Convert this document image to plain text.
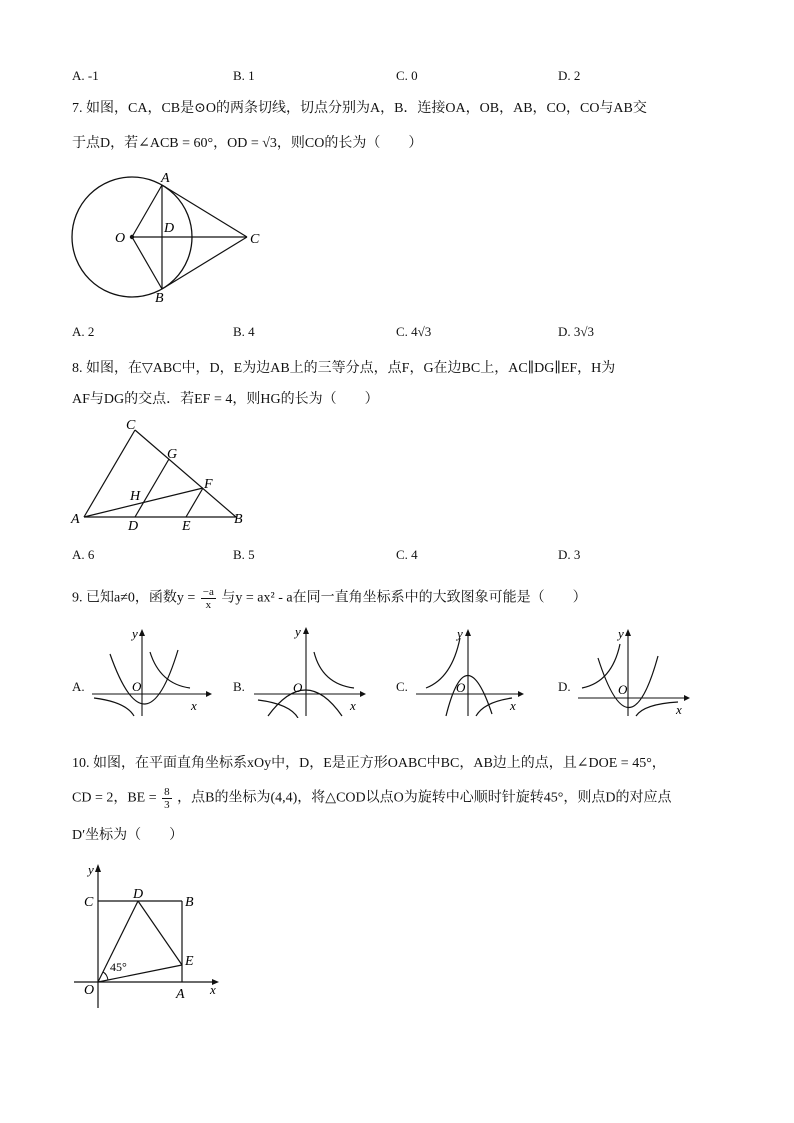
A. -1	B. 1	C. 0	D. 2
7. 如图，CA，CB是⊙O的两条切线，切点分别为A，B．连接OA，OB，AB，CO，CO与AB交
于点D，若∠ACB = 60°，OD = √3，则CO的长为（　　）
A
B
C
D
O
A. 2	B. 4	C. 4√3	D. 3√3
8. 如图，在▽ABC中，D，E为边AB上的三等分点，点F，G在边BC上，AC∥DG∥EF，H为
AF与DG的交点．若EF = 4，则HG的长为（　　）
A	B
C
D	E
F
G
H
A. 6	B. 5	C. 4	D. 3
9. 已知a≠0，函数$y = \frac{-a}{x}$ 与y = ax² - a在同一直角坐标系中的大致图象可能是（　　）
A.
y
x
O	B.
y
x
O	C.
y
x
O	D.
y
x
O
10. 如图，在平面直角坐标系xOy中，D，E是正方形OABC中BC，AB边上的点，且∠DOE = 45°，
CD = 2，BE = $\frac{8}{3}$ ，点B的坐标为(4,4)，将△COD以点O为旋转中心顺时针旋转45°，则点D的对应点
D′坐标为（　　）
45°
y
x
C
D
B
E
O	A
